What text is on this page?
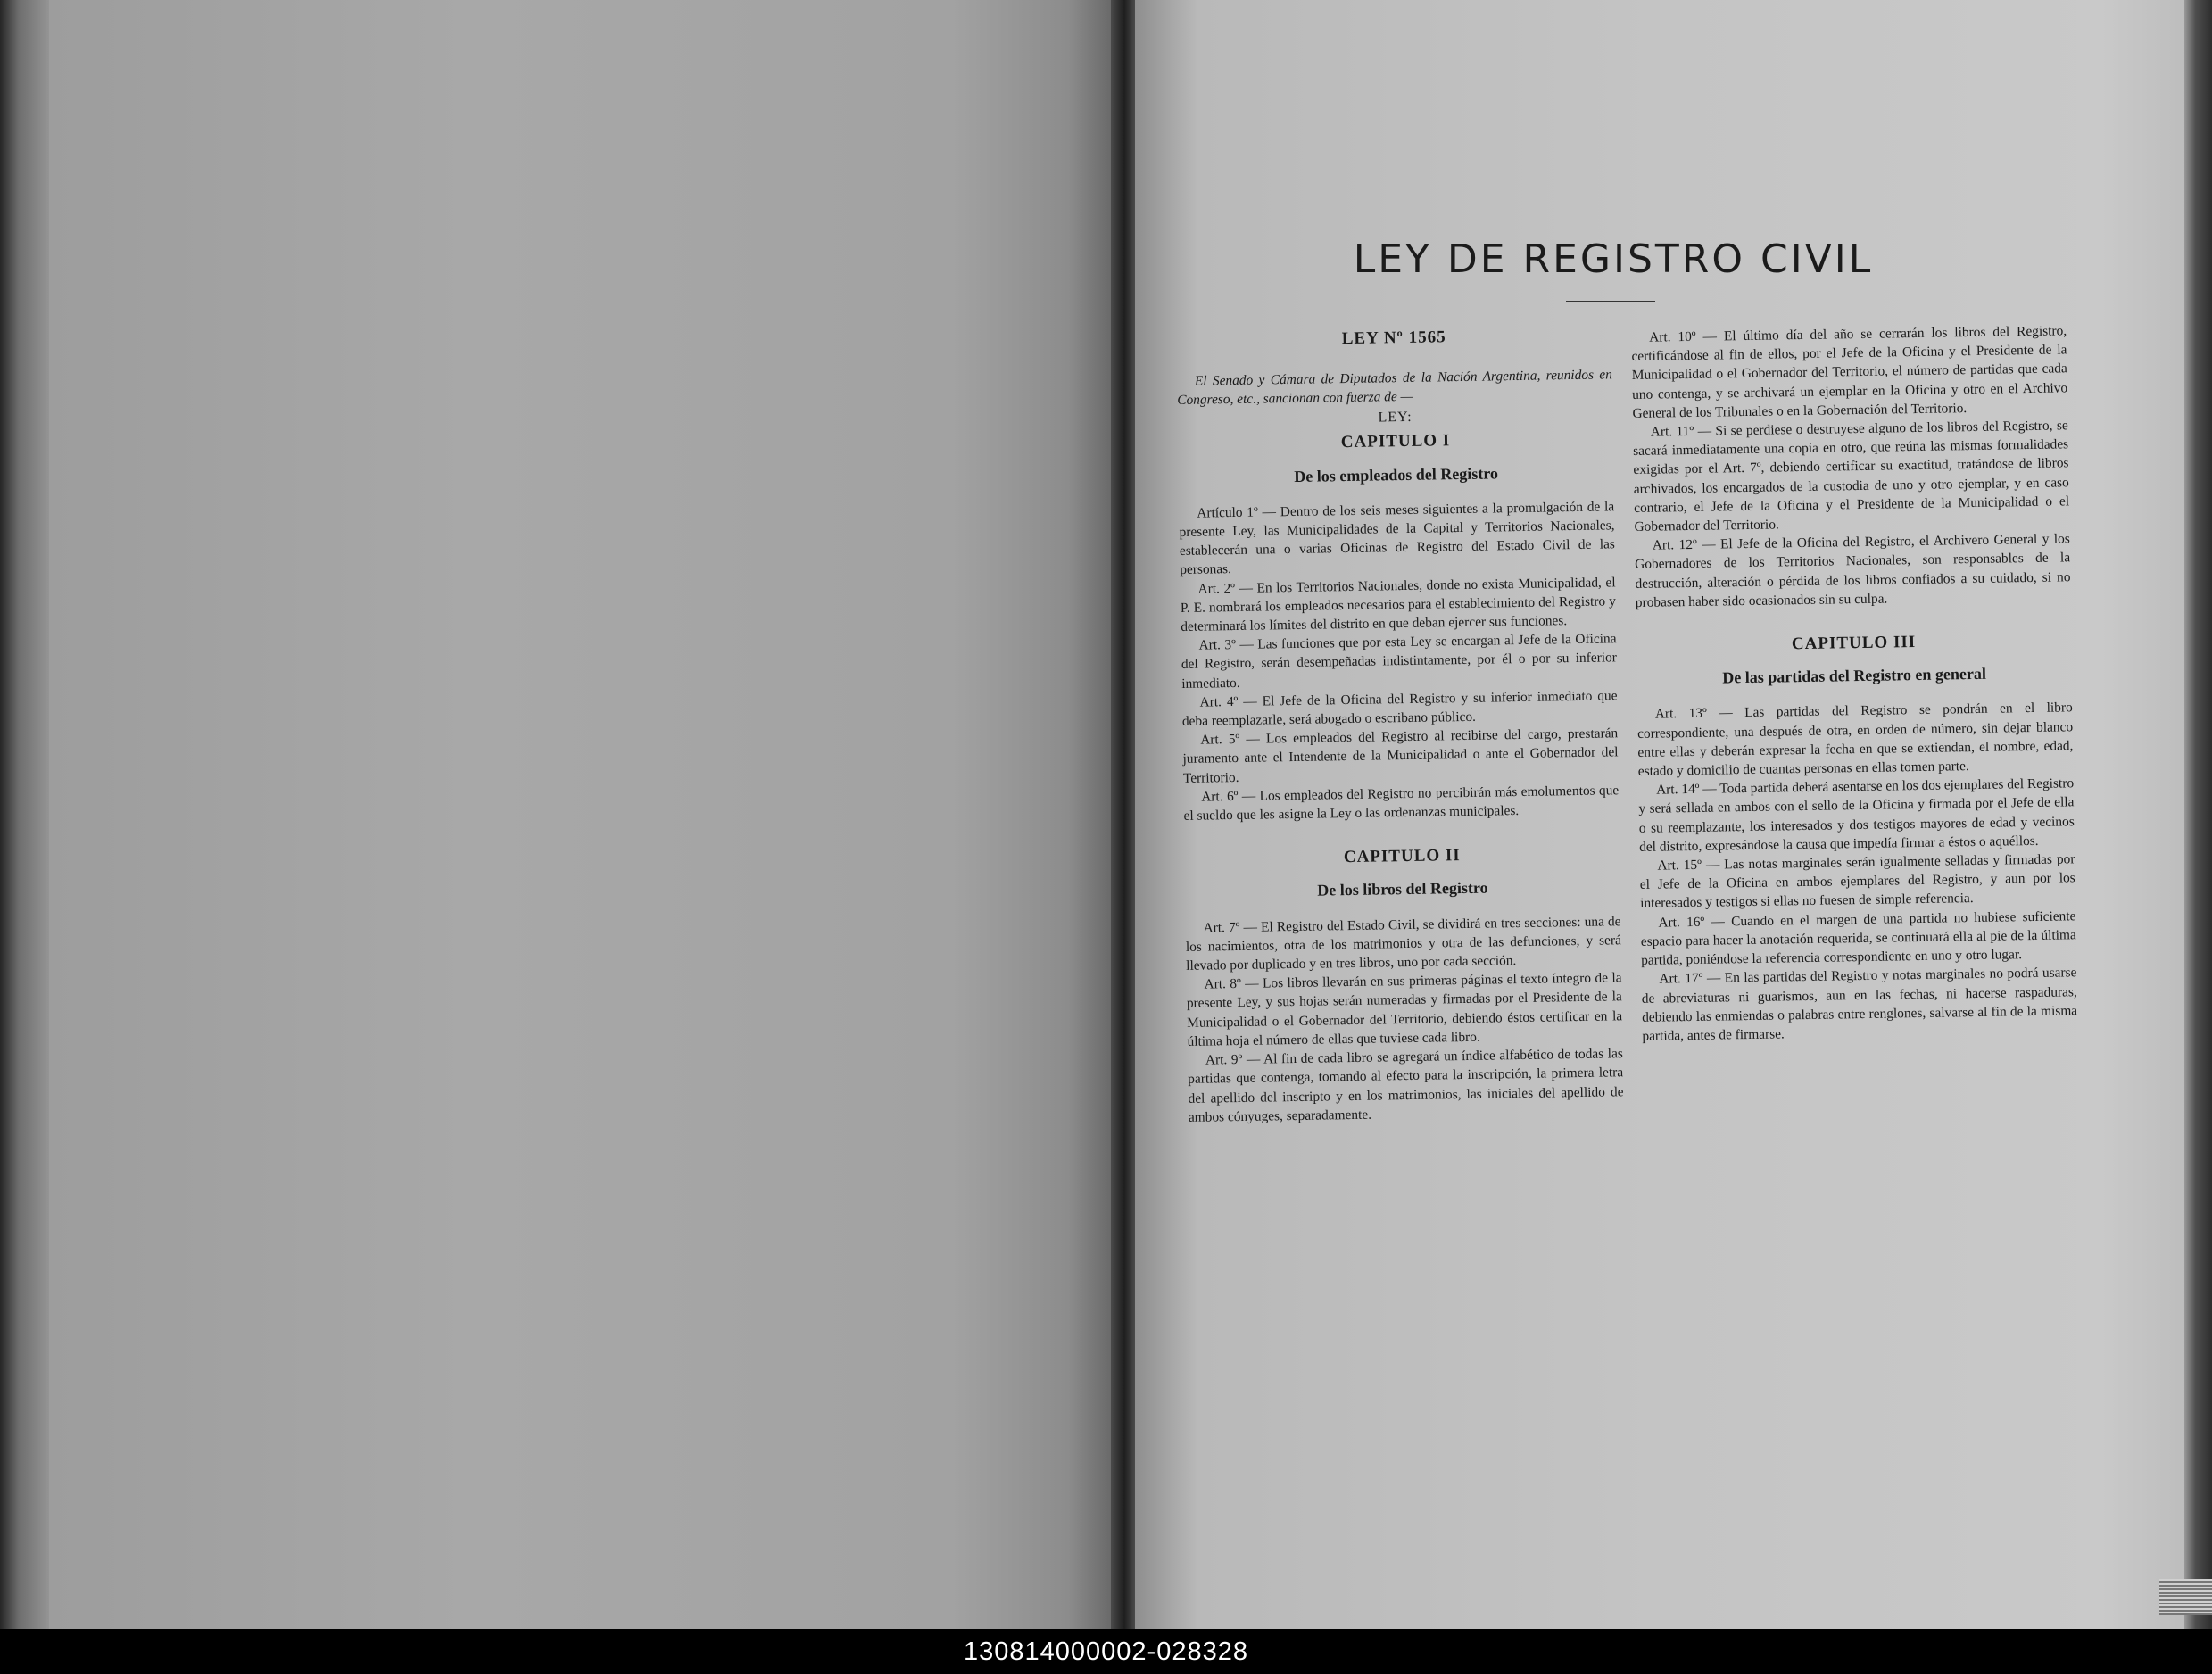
LEY DE REGISTRO CIVIL
LEY Nº 1565

El Senado y Cámara de Diputados de la Nación Argentina, reunidos en Congreso, etc., sancionan con fuerza de —

LEY:
CAPITULO I
De los empleados del Registro

Artículo 1º — Dentro de los seis meses siguientes a la promulgación de la presente Ley, las Municipalidades de la Capital y Territorios Nacionales, establecerán una o varias Oficinas de Registro del Estado Civil de las personas.

Art. 2º — En los Territorios Nacionales, donde no exista Municipalidad, el P. E. nombrará los empleados necesarios para el establecimiento del Registro y determinará los límites del distrito en que deban ejercer sus funciones.

Art. 3º — Las funciones que por esta Ley se encargan al Jefe de la Oficina del Registro, serán desempeñadas indistintamente, por él o por su inferior inmediato.

Art. 4º — El Jefe de la Oficina del Registro y su inferior inmediato que deba reemplazarle, será abogado o escribano público.

Art. 5º — Los empleados del Registro al recibirse del cargo, prestarán juramento ante el Intendente de la Municipalidad o ante el Gobernador del Territorio.

Art. 6º — Los empleados del Registro no percibirán más emolumentos que el sueldo que les asigne la Ley o las ordenanzas municipales.

CAPITULO II
De los libros del Registro

Art. 7º — El Registro del Estado Civil, se dividirá en tres secciones: una de los nacimientos, otra de los matrimonios y otra de las defunciones, y será llevado por duplicado y en tres libros, uno por cada sección.

Art. 8º — Los libros llevarán en sus primeras páginas el texto íntegro de la presente Ley, y sus hojas serán numeradas y firmadas por el Presidente de la Municipalidad o el Gobernador del Territorio, debiendo éstos certificar en la última hoja el número de ellas que tuviese cada libro.

Art. 9º — Al fin de cada libro se agregará un índice alfabético de todas las partidas que contenga, tomando al efecto para la inscripción, la primera letra del apellido del inscripto y en los matrimonios, las iniciales del apellido de ambos cónyuges, separadamente.

Art. 10º — El último día del año se cerrarán los libros del Registro, certificándose al fin de ellos, por el Jefe de la Oficina y el Presidente de la Municipalidad o el Gobernador del Territorio, el número de partidas que cada uno contenga, y se archivará un ejemplar en la Oficina y otro en el Archivo General de los Tribunales o en la Gobernación del Territorio.

Art. 11º — Si se perdiese o destruyese alguno de los libros del Registro, se sacará inmediatamente una copia en otro, que reúna las mismas formalidades exigidas por el Art. 7º, debiendo certificar su exactitud, tratándose de libros archivados, los encargados de la custodia de uno y otro ejemplar, y en caso contrario, el Jefe de la Oficina y el Presidente de la Municipalidad o el Gobernador del Territorio.

Art. 12º — El Jefe de la Oficina del Registro, el Archivero General y los Gobernadores de los Territorios Nacionales, son responsables de la destrucción, alteración o pérdida de los libros confiados a su cuidado, si no probasen haber sido ocasionados sin su culpa.

CAPITULO III
De las partidas del Registro en general

Art. 13º — Las partidas del Registro se pondrán en el libro correspondiente, una después de otra, en orden de número, sin dejar blanco entre ellas y deberán expresar la fecha en que se extiendan, el nombre, edad, estado y domicilio de cuantas personas en ellas tomen parte.

Art. 14º — Toda partida deberá asentarse en los dos ejemplares del Registro y será sellada en ambos con el sello de la Oficina y firmada por el Jefe de ella o su reemplazante, los interesados y dos testigos mayores de edad y vecinos del distrito, expresándose la causa que impedía firmar a éstos o aquéllos.

Art. 15º — Las notas marginales serán igualmente selladas y firmadas por el Jefe de la Oficina en ambos ejemplares del Registro, y aun por los interesados y testigos si ellas no fuesen de simple referencia.

Art. 16º — Cuando en el margen de una partida no hubiese suficiente espacio para hacer la anotación requerida, se continuará ella al pie de la última partida, poniéndose la referencia correspondiente en uno y otro lugar.

Art. 17º — En las partidas del Registro y notas marginales no podrá usarse de abreviaturas ni guarismos, aun en las fechas, ni hacerse raspaduras, debiendo las enmiendas o palabras entre renglones, salvarse al fin de la misma partida, antes de firmarse.

130814000002-028328
